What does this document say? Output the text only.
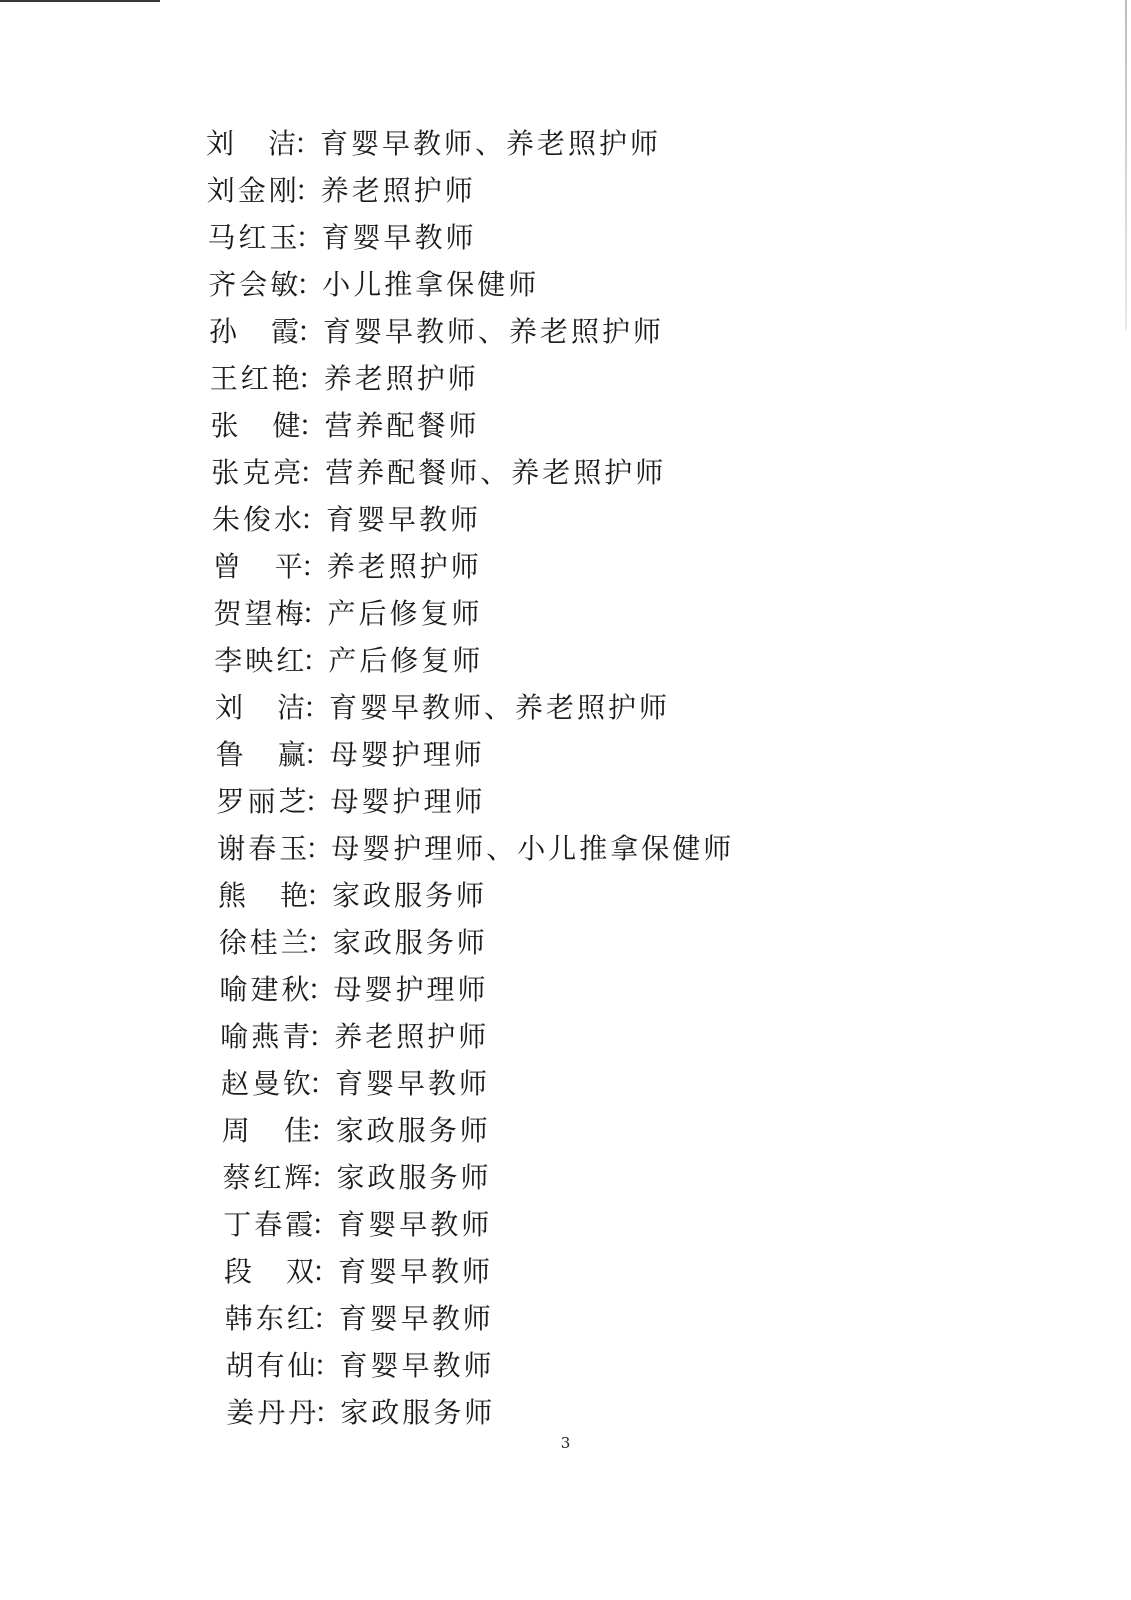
刘　洁
：
育婴早教师、养老照护师
刘金刚
：
养老照护师
马红玉
：
育婴早教师
齐会敏
：
小儿推拿保健师
孙　霞
：
育婴早教师、养老照护师
王红艳
：
养老照护师
张　健
：
营养配餐师
张克亮
：
营养配餐师、养老照护师
朱俊水
：
育婴早教师
曾　平
：
养老照护师
贺望梅
：
产后修复师
李映红
：
产后修复师
刘　洁
：
育婴早教师、养老照护师
鲁　赢
：
母婴护理师
罗丽芝
：
母婴护理师
谢春玉
：
母婴护理师、小儿推拿保健师
熊　艳
：
家政服务师
徐桂兰
：
家政服务师
喻建秋
：
母婴护理师
喻燕青
：
养老照护师
赵曼钦
：
育婴早教师
周　佳
：
家政服务师
蔡红辉
：
家政服务师
丁春霞
：
育婴早教师
段　双
：
育婴早教师
韩东红
：
育婴早教师
胡有仙
：
育婴早教师
姜丹丹
：
家政服务师
3
